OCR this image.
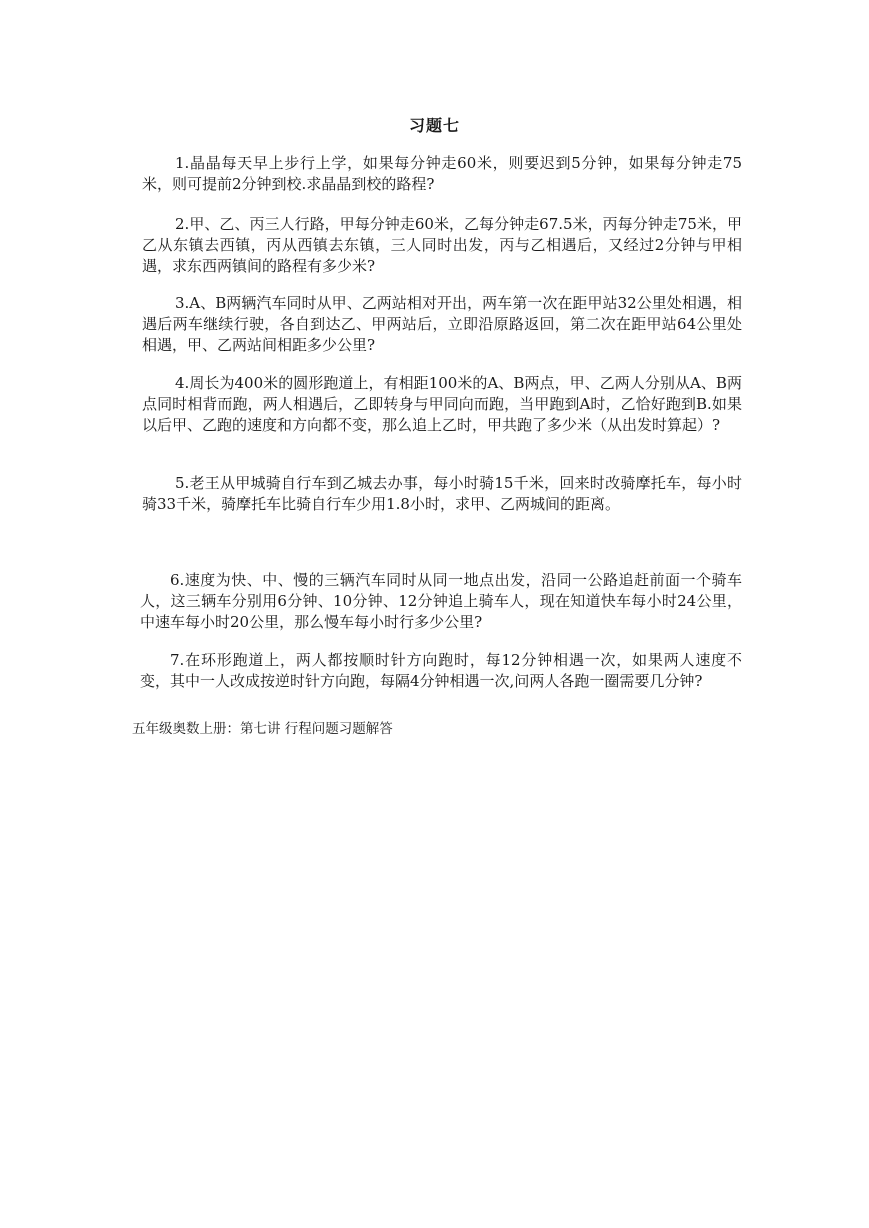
习题七

1.晶晶每天早上步行上学，如果每分钟走60米，则要迟到5分钟，如果每分钟走75米，则可提前2分钟到校.求晶晶到校的路程?

2.甲、乙、丙三人行路，甲每分钟走60米，乙每分钟走67.5米，丙每分钟走75米，甲乙从东镇去西镇，丙从西镇去东镇，三人同时出发，丙与乙相遇后，又经过2分钟与甲相遇，求东西两镇间的路程有多少米?

3.A、B两辆汽车同时从甲、乙两站相对开出，两车第一次在距甲站32公里处相遇，相遇后两车继续行驶，各自到达乙、甲两站后，立即沿原路返回，第二次在距甲站64公里处相遇，甲、乙两站间相距多少公里?

4.周长为400米的圆形跑道上，有相距100米的A、B两点，甲、乙两人分别从A、B两点同时相背而跑，两人相遇后，乙即转身与甲同向而跑，当甲跑到A时，乙恰好跑到B.如果以后甲、乙跑的速度和方向都不变，那么追上乙时，甲共跑了多少米（从出发时算起）?

5.老王从甲城骑自行车到乙城去办事，每小时骑15千米，回来时改骑摩托车，每小时骑33千米，骑摩托车比骑自行车少用1.8小时，求甲、乙两城间的距离。

6.速度为快、中、慢的三辆汽车同时从同一地点出发，沿同一公路追赶前面一个骑车人，这三辆车分别用6分钟、10分钟、12分钟追上骑车人，现在知道快车每小时24公里，中速车每小时20公里，那么慢车每小时行多少公里?

7.在环形跑道上，两人都按顺时针方向跑时，每12分钟相遇一次，如果两人速度不变，其中一人改成按逆时针方向跑，每隔4分钟相遇一次,问两人各跑一圈需要几分钟?

五年级奥数上册：第七讲 行程问题习题解答
